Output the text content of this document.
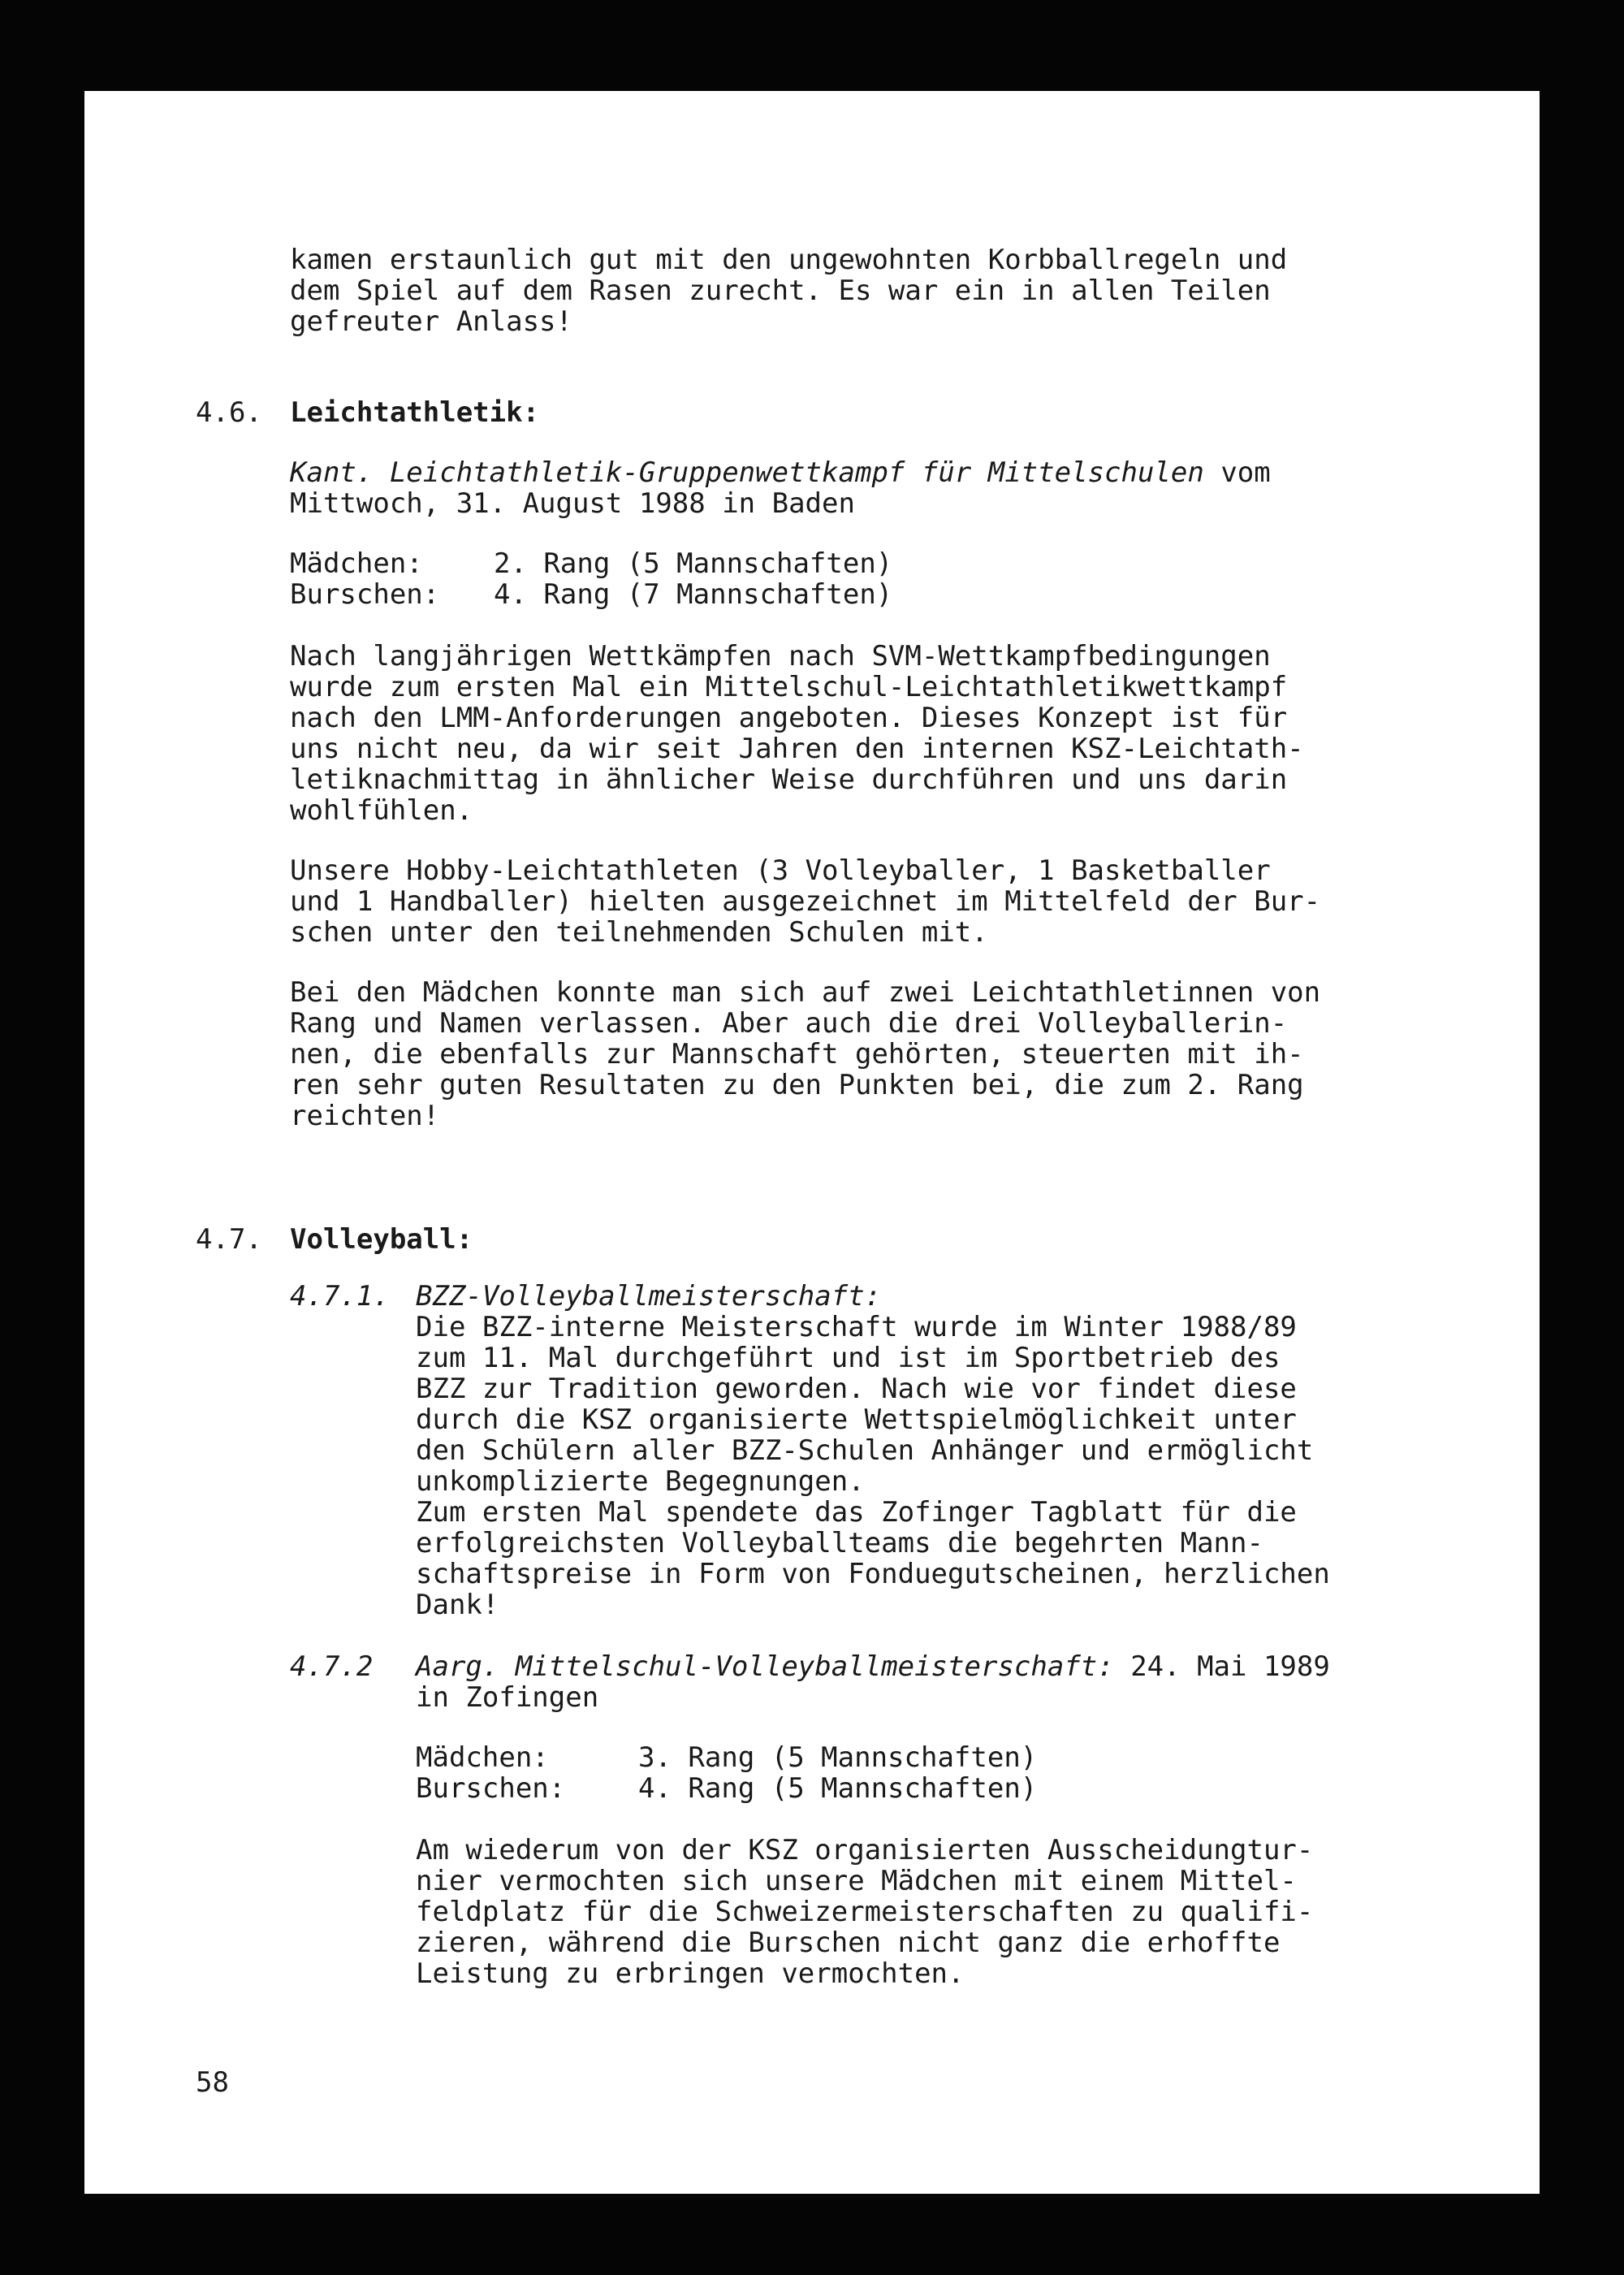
kamen erstaunlich gut mit den ungewohnten Korbballregeln und
dem Spiel auf dem Rasen zurecht. Es war ein in allen Teilen
gefreuter Anlass!
4.6. Leichtathletik:
Kant. Leichtathletik-Gruppenwettkampf für Mittelschulen vom
Mittwoch, 31. August 1988 in Baden
Mädchen:	2. Rang (5 Mannschaften)
Burschen: 4. Rang (7 Mannschaften)
Nach langjährigen Wettkämpfen nach SVM-Wettkampfbedingungen
wurde zum ersten Mal ein Mittelschul-Leichtathletikwettkampf
nach den LMM-Anforderungen angeboten. Dieses Konzept ist für
uns nicht neu, da wir seit Jahren den internen KSZ-Leichtath-
letiknachmittag in ähnlicher Weise durchführen und uns darin
wohlfühlen.
Unsere Hobby-Leichtathleten (3 Volleyballer, 1 Basketballer
und 1 Handballer) hielten ausgezeichnet im Mittelfeld der Bur-
schen unter den teilnehmenden Schulen mit.
Bei den Mädchen konnte man sich auf zwei Leichtathletinnen von
Rang und Namen verlassen. Aber auch die drei Volleyballerin-
nen, die ebenfalls zur Mannschaft gehörten, steuerten mit ih-
ren sehr guten Resultaten zu den Punkten bei, die zum 2. Rang
reichten!
4.7. Volleyball:
4.7.1. BZZ-Volleyballmeisterschaft:
Die BZZ-interne Meisterschaft wurde im Winter 1988/89
zum 11. Mal durchgeführt und ist im Sportbetrieb des
BZZ zur Tradition geworden. Nach wie vor findet diese
durch die KSZ organisierte Wettspielmöglichkeit unter
den Schülern aller BZZ-Schulen Anhänger und ermöglicht
unkomplizierte Begegnungen.
Zum ersten Mal spendete das Zofinger Tagblatt für die
erfolgreichsten Volleyballteams die begehrten Mann-
schaftspreise in Form von Fonduegutscheinen, herzlichen
Dank!
4.7.2 Aarg. Mittelschul-Volleyballmeisterschaft: 24. Mai 1989
in Zofingen
Mädchen:	3. Rang (5 Mannschaften)
Burschen:	4. Rang (5 Mannschaften)
Am wiederum von der KSZ organisierten Ausscheidungtur-
nier vermochten sich unsere Mädchen mit einem Mittel-
feldplatz für die Schweizermeisterschaften zu qualifi-
zieren, während die Burschen nicht ganz die erhoffte
Leistung zu erbringen vermochten.
58
